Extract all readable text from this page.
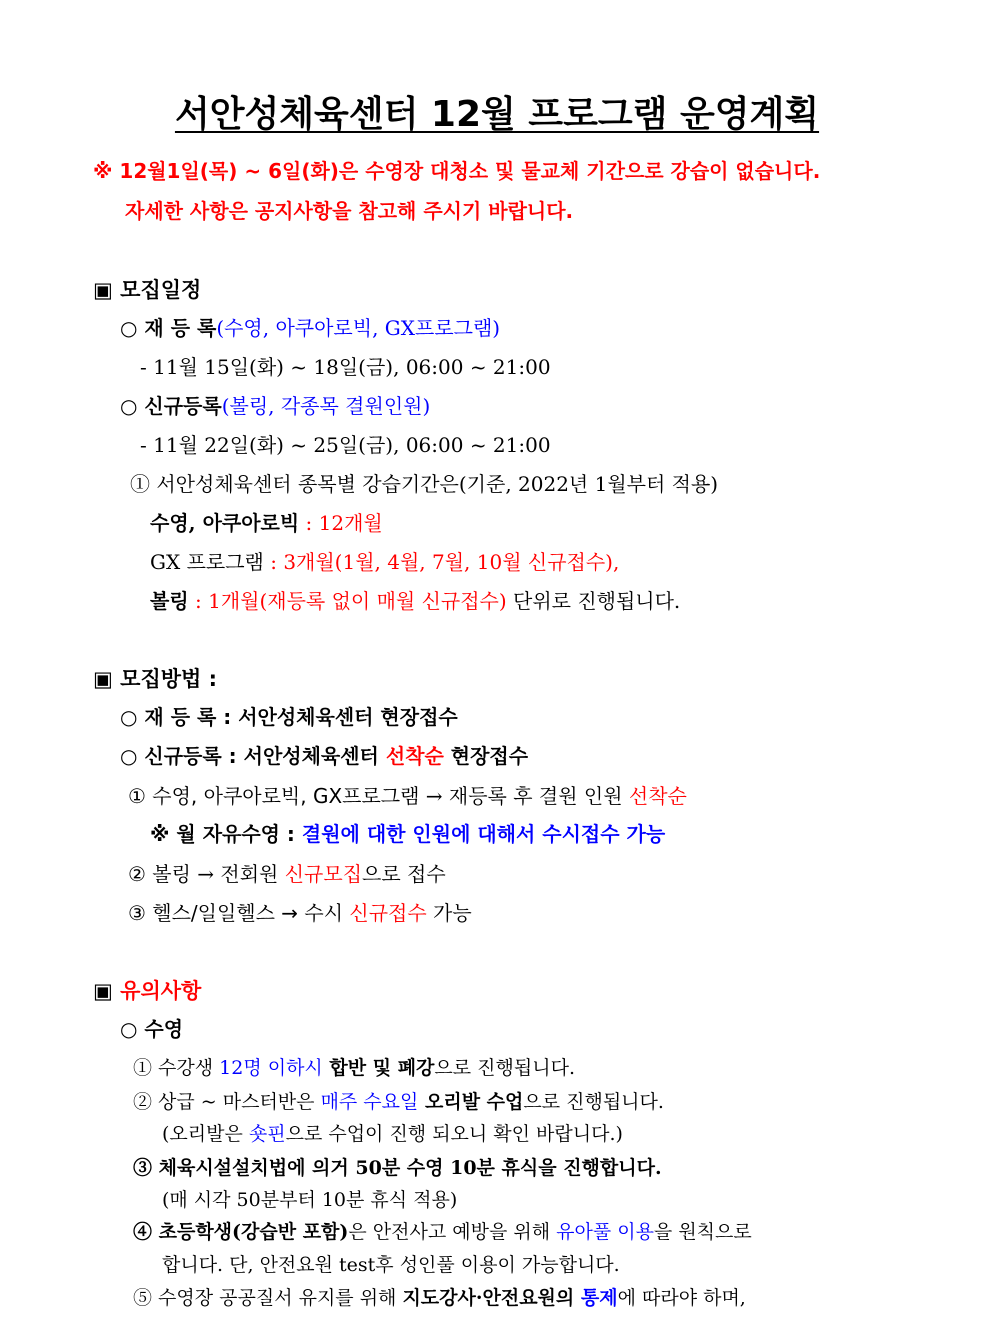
서안성체육센터 12월 프로그램 운영계획
※ 12월1일(목) ~ 6일(화)은 수영장 대청소 및 물교체 기간으로 강습이 없습니다.
자세한 사항은 공지사항을 참고해 주시기 바랍니다.
▣ 모집일정
○ 재 등 록(수영, 아쿠아로빅, GX프로그램)
- 11월 15일(화) ~ 18일(금), 06:00 ~ 21:00
○ 신규등록(볼링, 각종목 결원인원)
- 11월 22일(화) ~ 25일(금), 06:00 ~ 21:00
① 서안성체육센터 종목별 강습기간은(기준, 2022년 1월부터 적용)
수영, 아쿠아로빅 : 12개월
GX 프로그램 : 3개월(1월, 4월, 7월, 10월 신규접수),
볼링 : 1개월(재등록 없이 매월 신규접수) 단위로 진행됩니다.
▣ 모집방법 :
○ 재 등 록 : 서안성체육센터 현장접수
○ 신규등록 : 서안성체육센터 선착순 현장접수
① 수영, 아쿠아로빅, GX프로그램 → 재등록 후 결원 인원 선착순
※ 월 자유수영 : 결원에 대한 인원에 대해서 수시접수 가능
② 볼링 → 전회원 신규모집으로 접수
③ 헬스/일일헬스 → 수시 신규접수 가능
▣ 유의사항
○ 수영
① 수강생 12명 이하시 합반 및 폐강으로 진행됩니다.
② 상급 ~ 마스터반은 매주 수요일 오리발 수업으로 진행됩니다.
(오리발은 숏핀으로 수업이 진행 되오니 확인 바랍니다.)
③ 체육시설설치법에 의거 50분 수영 10분 휴식을 진행합니다.
(매 시각 50분부터 10분 휴식 적용)
④ 초등학생(강습반 포함)은 안전사고 예방을 위해 유아풀 이용을 원칙으로
합니다. 단, 안전요원 test후 성인풀 이용이 가능합니다.
⑤ 수영장 공공질서 유지를 위해 지도강사·안전요원의 통제에 따라야 하며,
